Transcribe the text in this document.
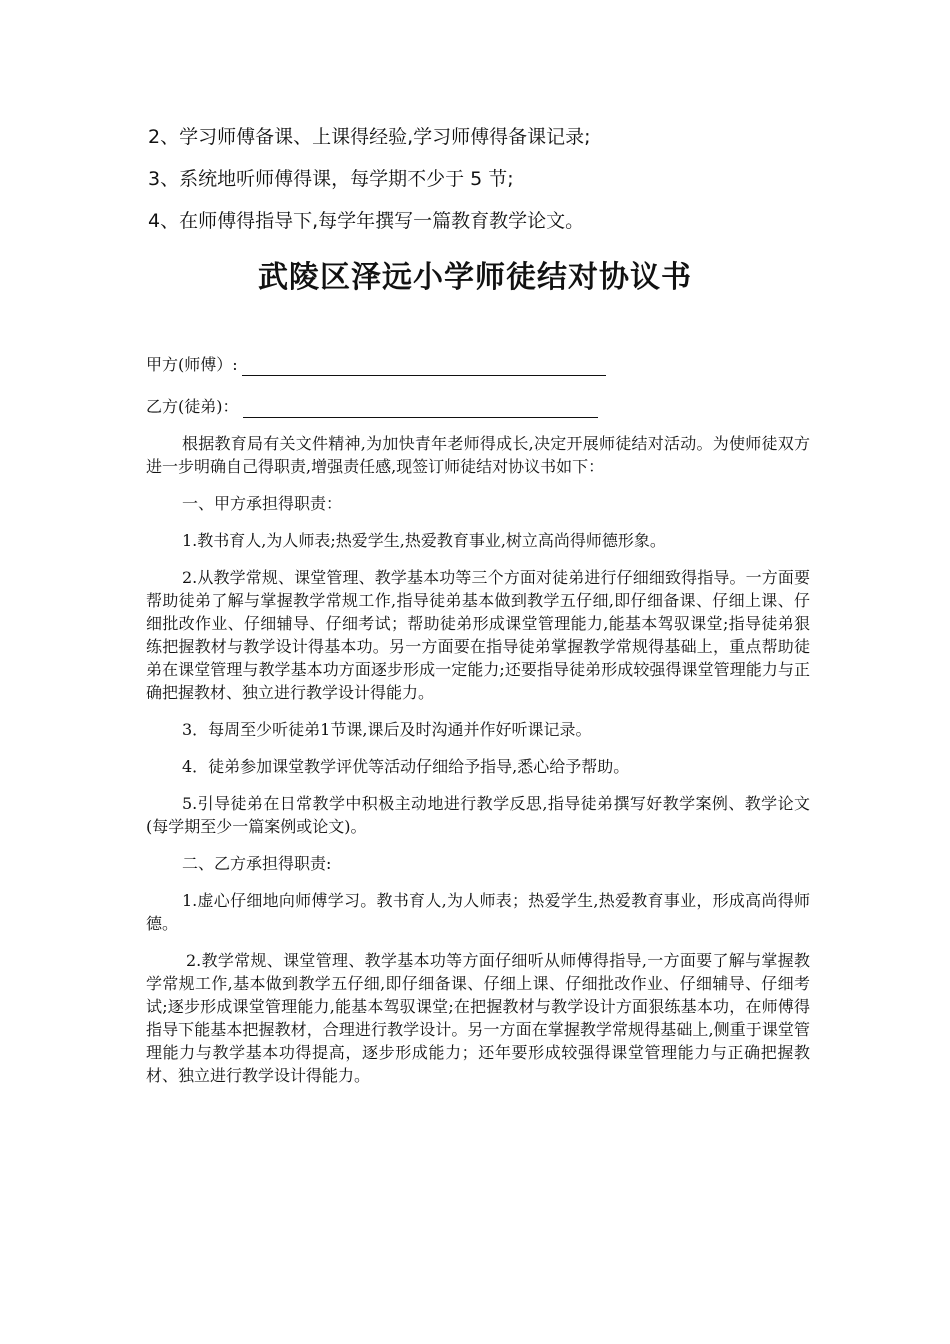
2、学习师傅备课、上课得经验,学习师傅得备课记录;
3、系统地听师傅得课，每学期不少于 5 节;
4、在师傅得指导下,每学年撰写一篇教育教学论文。
武陵区泽远小学师徒结对协议书
甲方(师傅）:
乙方(徒弟)：

根据教育局有关文件精神,为加快青年老师得成长,决定开展师徒结对活动。为使师徒双方进一步明确自己得职责,增强责任感,现签订师徒结对协议书如下：

一、甲方承担得职责：

1.教书育人,为人师表;热爱学生,热爱教育事业,树立高尚得师德形象。

2.从教学常规、课堂管理、教学基本功等三个方面对徒弟进行仔细细致得指导。一方面要帮助徒弟了解与掌握教学常规工作,指导徒弟基本做到教学五仔细,即仔细备课、仔细上课、仔细批改作业、仔细辅导、仔细考试；帮助徒弟形成课堂管理能力,能基本驾驭课堂;指导徒弟狠练把握教材与教学设计得基本功。另一方面要在指导徒弟掌握教学常规得基础上，重点帮助徒弟在课堂管理与教学基本功方面逐步形成一定能力;还要指导徒弟形成较强得课堂管理能力与正确把握教材、独立进行教学设计得能力。

3．每周至少听徒弟1节课,课后及时沟通并作好听课记录。

4．徒弟参加课堂教学评优等活动仔细给予指导,悉心给予帮助。

5.引导徒弟在日常教学中积极主动地进行教学反思,指导徒弟撰写好教学案例、教学论文(每学期至少一篇案例或论文)。

二、乙方承担得职责:

1.虚心仔细地向师傅学习。教书育人,为人师表；热爱学生,热爱教育事业，形成高尚得师德。

2.教学常规、课堂管理、教学基本功等方面仔细听从师傅得指导,一方面要了解与掌握教学常规工作,基本做到教学五仔细,即仔细备课、仔细上课、仔细批改作业、仔细辅导、仔细考试;逐步形成课堂管理能力,能基本驾驭课堂;在把握教材与教学设计方面狠练基本功，在师傅得指导下能基本把握教材，合理进行教学设计。另一方面在掌握教学常规得基础上,侧重于课堂管理能力与教学基本功得提高，逐步形成能力；还年要形成较强得课堂管理能力与正确把握教材、独立进行教学设计得能力。
